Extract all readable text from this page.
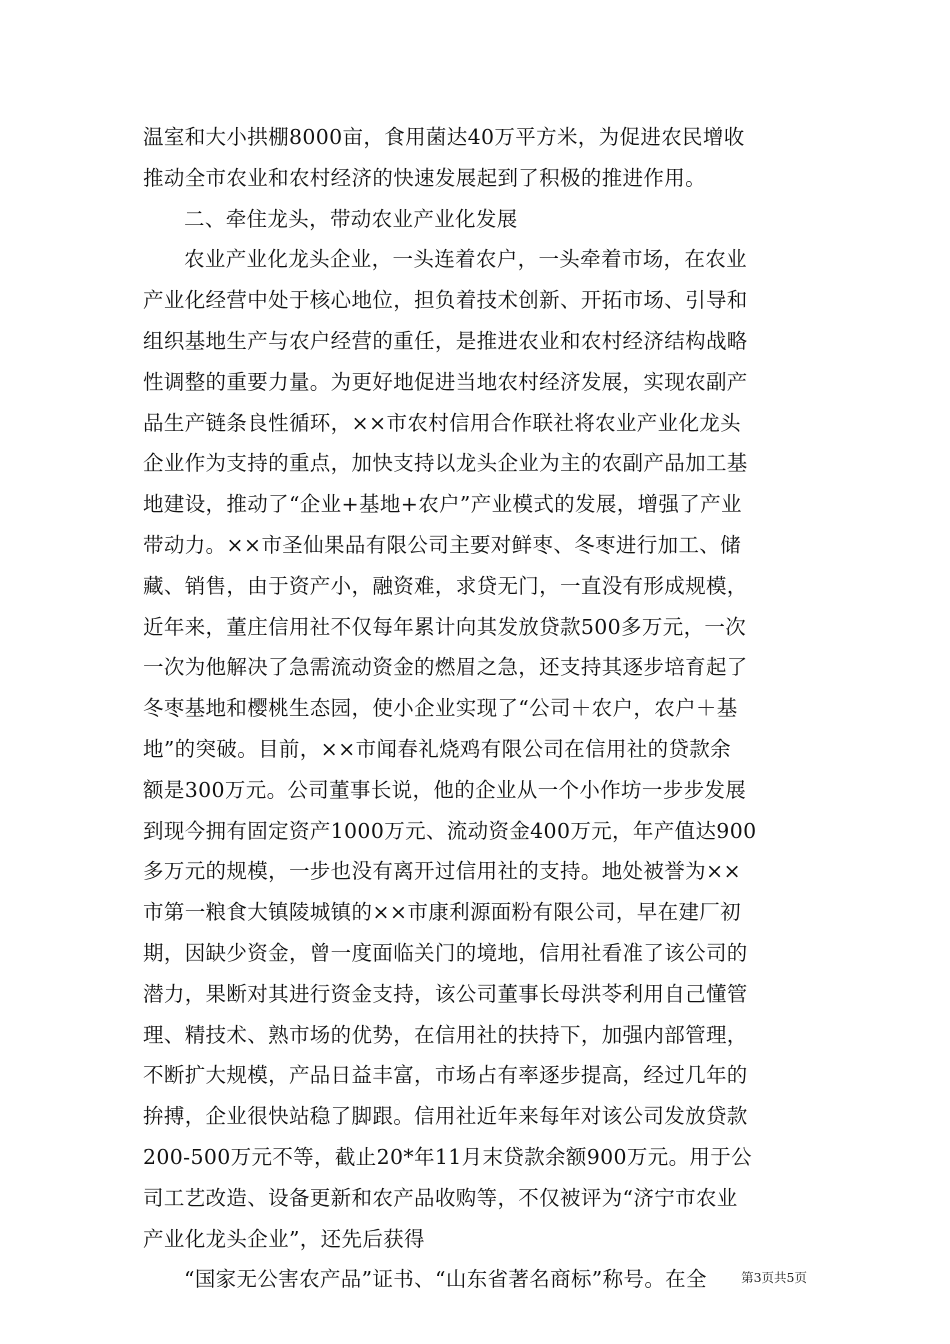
温室和大小拱棚8000亩，食用菌达40万平方米，为促进农民增收
推动全市农业和农村经济的快速发展起到了积极的推进作用。
二、牵住龙头，带动农业产业化发展
农业产业化龙头企业，一头连着农户，一头牵着市场，在农业
产业化经营中处于核心地位，担负着技术创新、开拓市场、引导和
组织基地生产与农户经营的重任，是推进农业和农村经济结构战略
性调整的重要力量。为更好地促进当地农村经济发展，实现农副产
品生产链条良性循环，××市农村信用合作联社将农业产业化龙头
企业作为支持的重点，加快支持以龙头企业为主的农副产品加工基
地建设，推动了“企业+基地+农户”产业模式的发展，增强了产业
带动力。××市圣仙果品有限公司主要对鲜枣、冬枣进行加工、储
藏、销售，由于资产小，融资难，求贷无门，一直没有形成规模，
近年来，董庄信用社不仅每年累计向其发放贷款500多万元，一次
一次为他解决了急需流动资金的燃眉之急，还支持其逐步培育起了
冬枣基地和樱桃生态园，使小企业实现了“公司＋农户，农户＋基
地”的突破。目前，××市闻春礼烧鸡有限公司在信用社的贷款余
额是300万元。公司董事长说，他的企业从一个小作坊一步步发展
到现今拥有固定资产1000万元、流动资金400万元，年产值达900
多万元的规模，一步也没有离开过信用社的支持。地处被誉为××
市第一粮食大镇陵城镇的××市康利源面粉有限公司，早在建厂初
期，因缺少资金，曾一度面临关门的境地，信用社看准了该公司的
潜力，果断对其进行资金支持，该公司董事长母洪苓利用自己懂管
理、精技术、熟市场的优势，在信用社的扶持下，加强内部管理，
不断扩大规模，产品日益丰富，市场占有率逐步提高，经过几年的
拚搏，企业很快站稳了脚跟。信用社近年来每年对该公司发放贷款
200-500万元不等，截止20*年11月末贷款余额900万元。用于公
司工艺改造、设备更新和农产品收购等，不仅被评为“济宁市农业
产业化龙头企业”，还先后获得
“国家无公害农产品”证书、“山东省著名商标”称号。在全	第3页共5页
